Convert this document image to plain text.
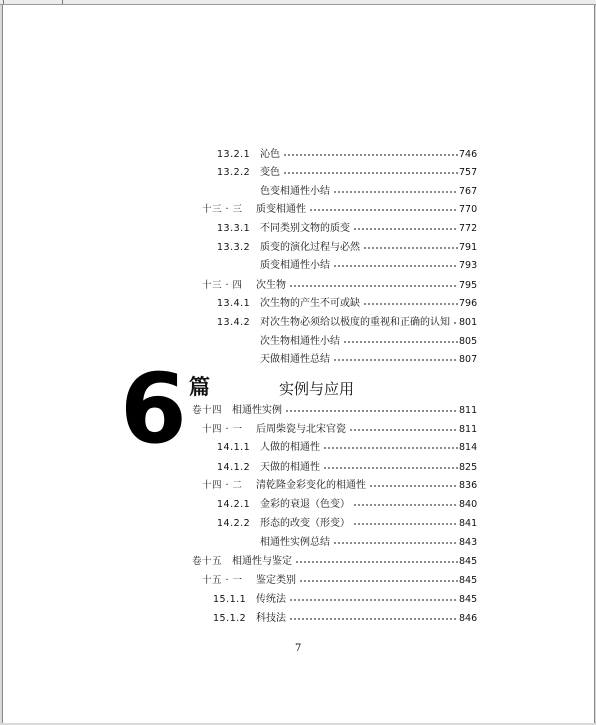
13.2.1 沁色	746
13.2.2 变色	757
色变相通性小结	767
十三 · 三 质变相通性	770
13.3.1 不同类别文物的质变	772
13.3.2 质变的演化过程与必然	791
质变相通性小结	793
十三 · 四 次生物	795
13.4.1 次生物的产生不可或缺	796
13.4.2 对次生物必须给以极度的重视和正确的认知 801
次生物相通性小结	805
天做相通性总结	807
卷十四 相通性实例	811
十四 · 一 后周柴瓷与北宋官瓷	811
14.1.1 人做的相通性	814
14.1.2 天做的相通性	825
十四 · 二 清乾隆金彩变化的相通性	836
14.2.1 金彩的衰退（色变）	840
14.2.2 形态的改变（形变）	841
相通性实例总结	843
卷十五 相通性与鉴定	845
十五 · 一 鉴定类别	845
15.1.1 传统法	845
15.1.2 科技法	846
6 篇	实例与应用
7
